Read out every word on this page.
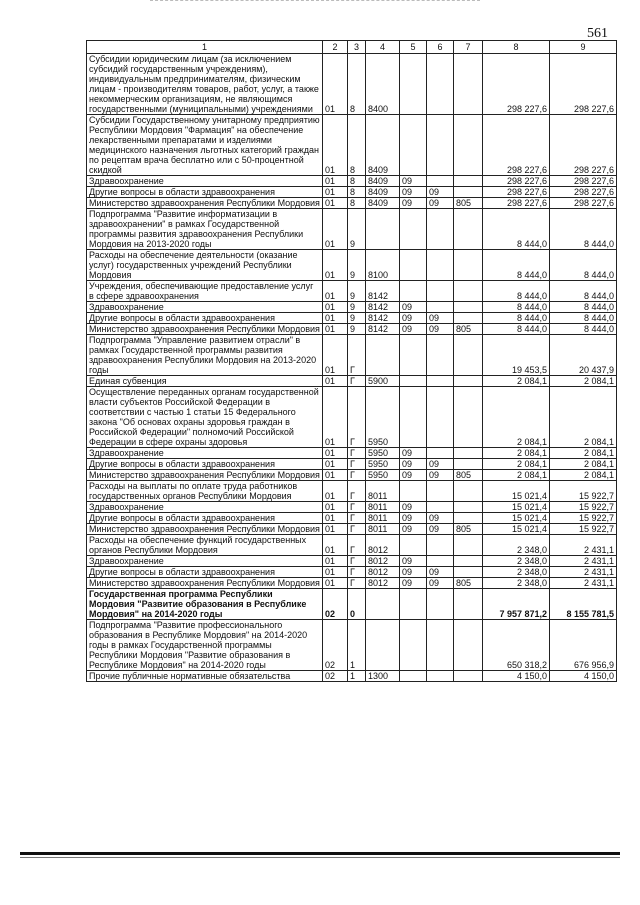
561
1	2	3	4	5	6	7	8	9
Субсидии юридическим лицам (за исключением субсидий государственным учреждениям), индивидуальным предпринимателям, физическим лицам - производителям товаров, работ, услуг, а также некоммерческим организациям, не являющимся государственными (муниципальными) учреждениями	01	8	8400				298 227,6	298 227,6
Субсидии Государственному унитарному предприятию Республики Мордовия "Фармация" на обеспечение лекарственными препаратами и изделиями медицинского назначения льготных категорий граждан по рецептам врача бесплатно или с 50-процентной скидкой	01	8	8409				298 227,6	298 227,6
Здравоохранение	01	8	8409	09			298 227,6	298 227,6
Другие вопросы в области здравоохранения	01	8	8409	09	09		298 227,6	298 227,6
Министерство здравоохранения Республики Мордовия	01	8	8409	09	09	805	298 227,6	298 227,6
Подпрограмма "Развитие информатизации в здравоохранении" в рамках Государственной программы развития здравоохранения Республики Мордовия на 2013-2020 годы	01	9					8 444,0	8 444,0
Расходы на обеспечение деятельности (оказание услуг) государственных учреждений Республики Мордовия	01	9	8100				8 444,0	8 444,0
Учреждения, обеспечивающие предоставление услуг в сфере здравоохранения	01	9	8142				8 444,0	8 444,0
Здравоохранение	01	9	8142	09			8 444,0	8 444,0
Другие вопросы в области здравоохранения	01	9	8142	09	09		8 444,0	8 444,0
Министерство здравоохранения Республики Мордовия	01	9	8142	09	09	805	8 444,0	8 444,0
Подпрограмма "Управление развитием отрасли" в рамках Государственной программы развития здравоохранения Республики Мордовия на 2013-2020 годы	01	Г					19 453,5	20 437,9
Единая субвенция	01	Г	5900				2 084,1	2 084,1
Осуществление переданных органам государственной власти субъектов Российской Федерации в соответствии с частью 1 статьи 15 Федерального закона "Об основах охраны здоровья граждан в Российской Федерации" полномочий Российской Федерации в сфере охраны здоровья	01	Г	5950				2 084,1	2 084,1
Здравоохранение	01	Г	5950	09			2 084,1	2 084,1
Другие вопросы в области здравоохранения	01	Г	5950	09	09		2 084,1	2 084,1
Министерство здравоохранения Республики Мордовия	01	Г	5950	09	09	805	2 084,1	2 084,1
Расходы на выплаты по оплате труда работников государственных органов Республики Мордовия	01	Г	8011				15 021,4	15 922,7
Здравоохранение	01	Г	8011	09			15 021,4	15 922,7
Другие вопросы в области здравоохранения	01	Г	8011	09	09		15 021,4	15 922,7
Министерство здравоохранения Республики Мордовия	01	Г	8011	09	09	805	15 021,4	15 922,7
Расходы на обеспечение функций государственных органов Республики Мордовия	01	Г	8012				2 348,0	2 431,1
Здравоохранение	01	Г	8012	09			2 348,0	2 431,1
Другие вопросы в области здравоохранения	01	Г	8012	09	09		2 348,0	2 431,1
Министерство здравоохранения Республики Мордовия	01	Г	8012	09	09	805	2 348,0	2 431,1
Государственная программа Республики Мордовия "Развитие образования в Республике Мордовия" на 2014-2020 годы	02	0					7 957 871,2	8 155 781,5
Подпрограмма "Развитие профессионального образования в Республике Мордовия" на 2014-2020 годы в рамках Государственной программы Республики Мордовия "Развитие образования в Республике Мордовия" на 2014-2020 годы	02	1					650 318,2	676 956,9
Прочие публичные нормативные обязательства	02	1	1300				4 150,0	4 150,0
